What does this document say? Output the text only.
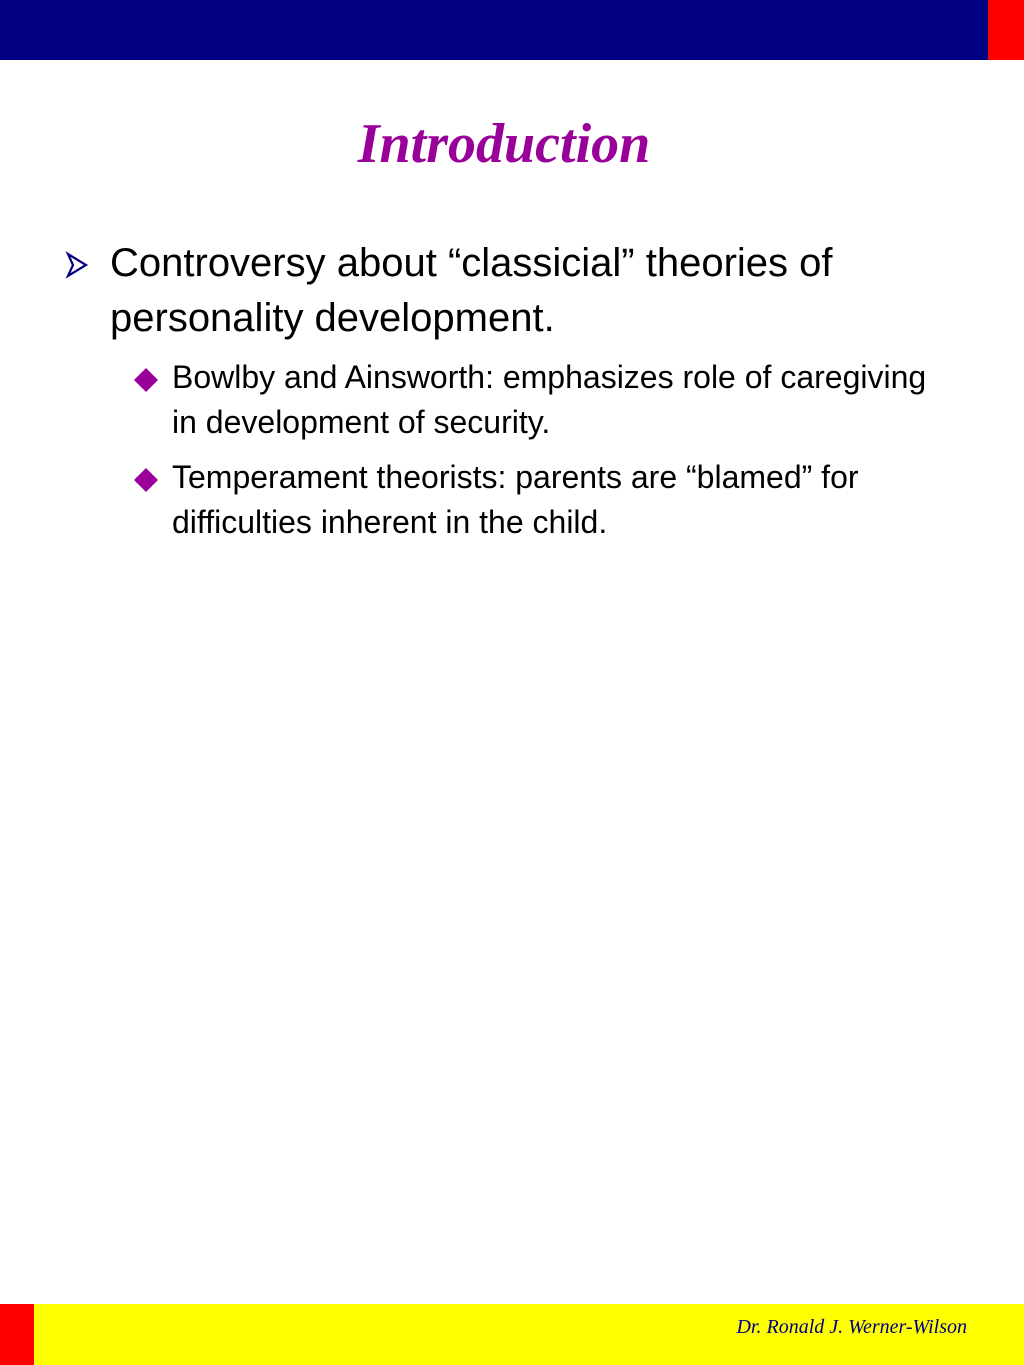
Introduction
Controversy about “classicial” theories of personality development.
Bowlby and Ainsworth: emphasizes role of caregiving in development of security.
Temperament theorists: parents are “blamed” for difficulties inherent in the child.
Dr. Ronald J. Werner-Wilson
